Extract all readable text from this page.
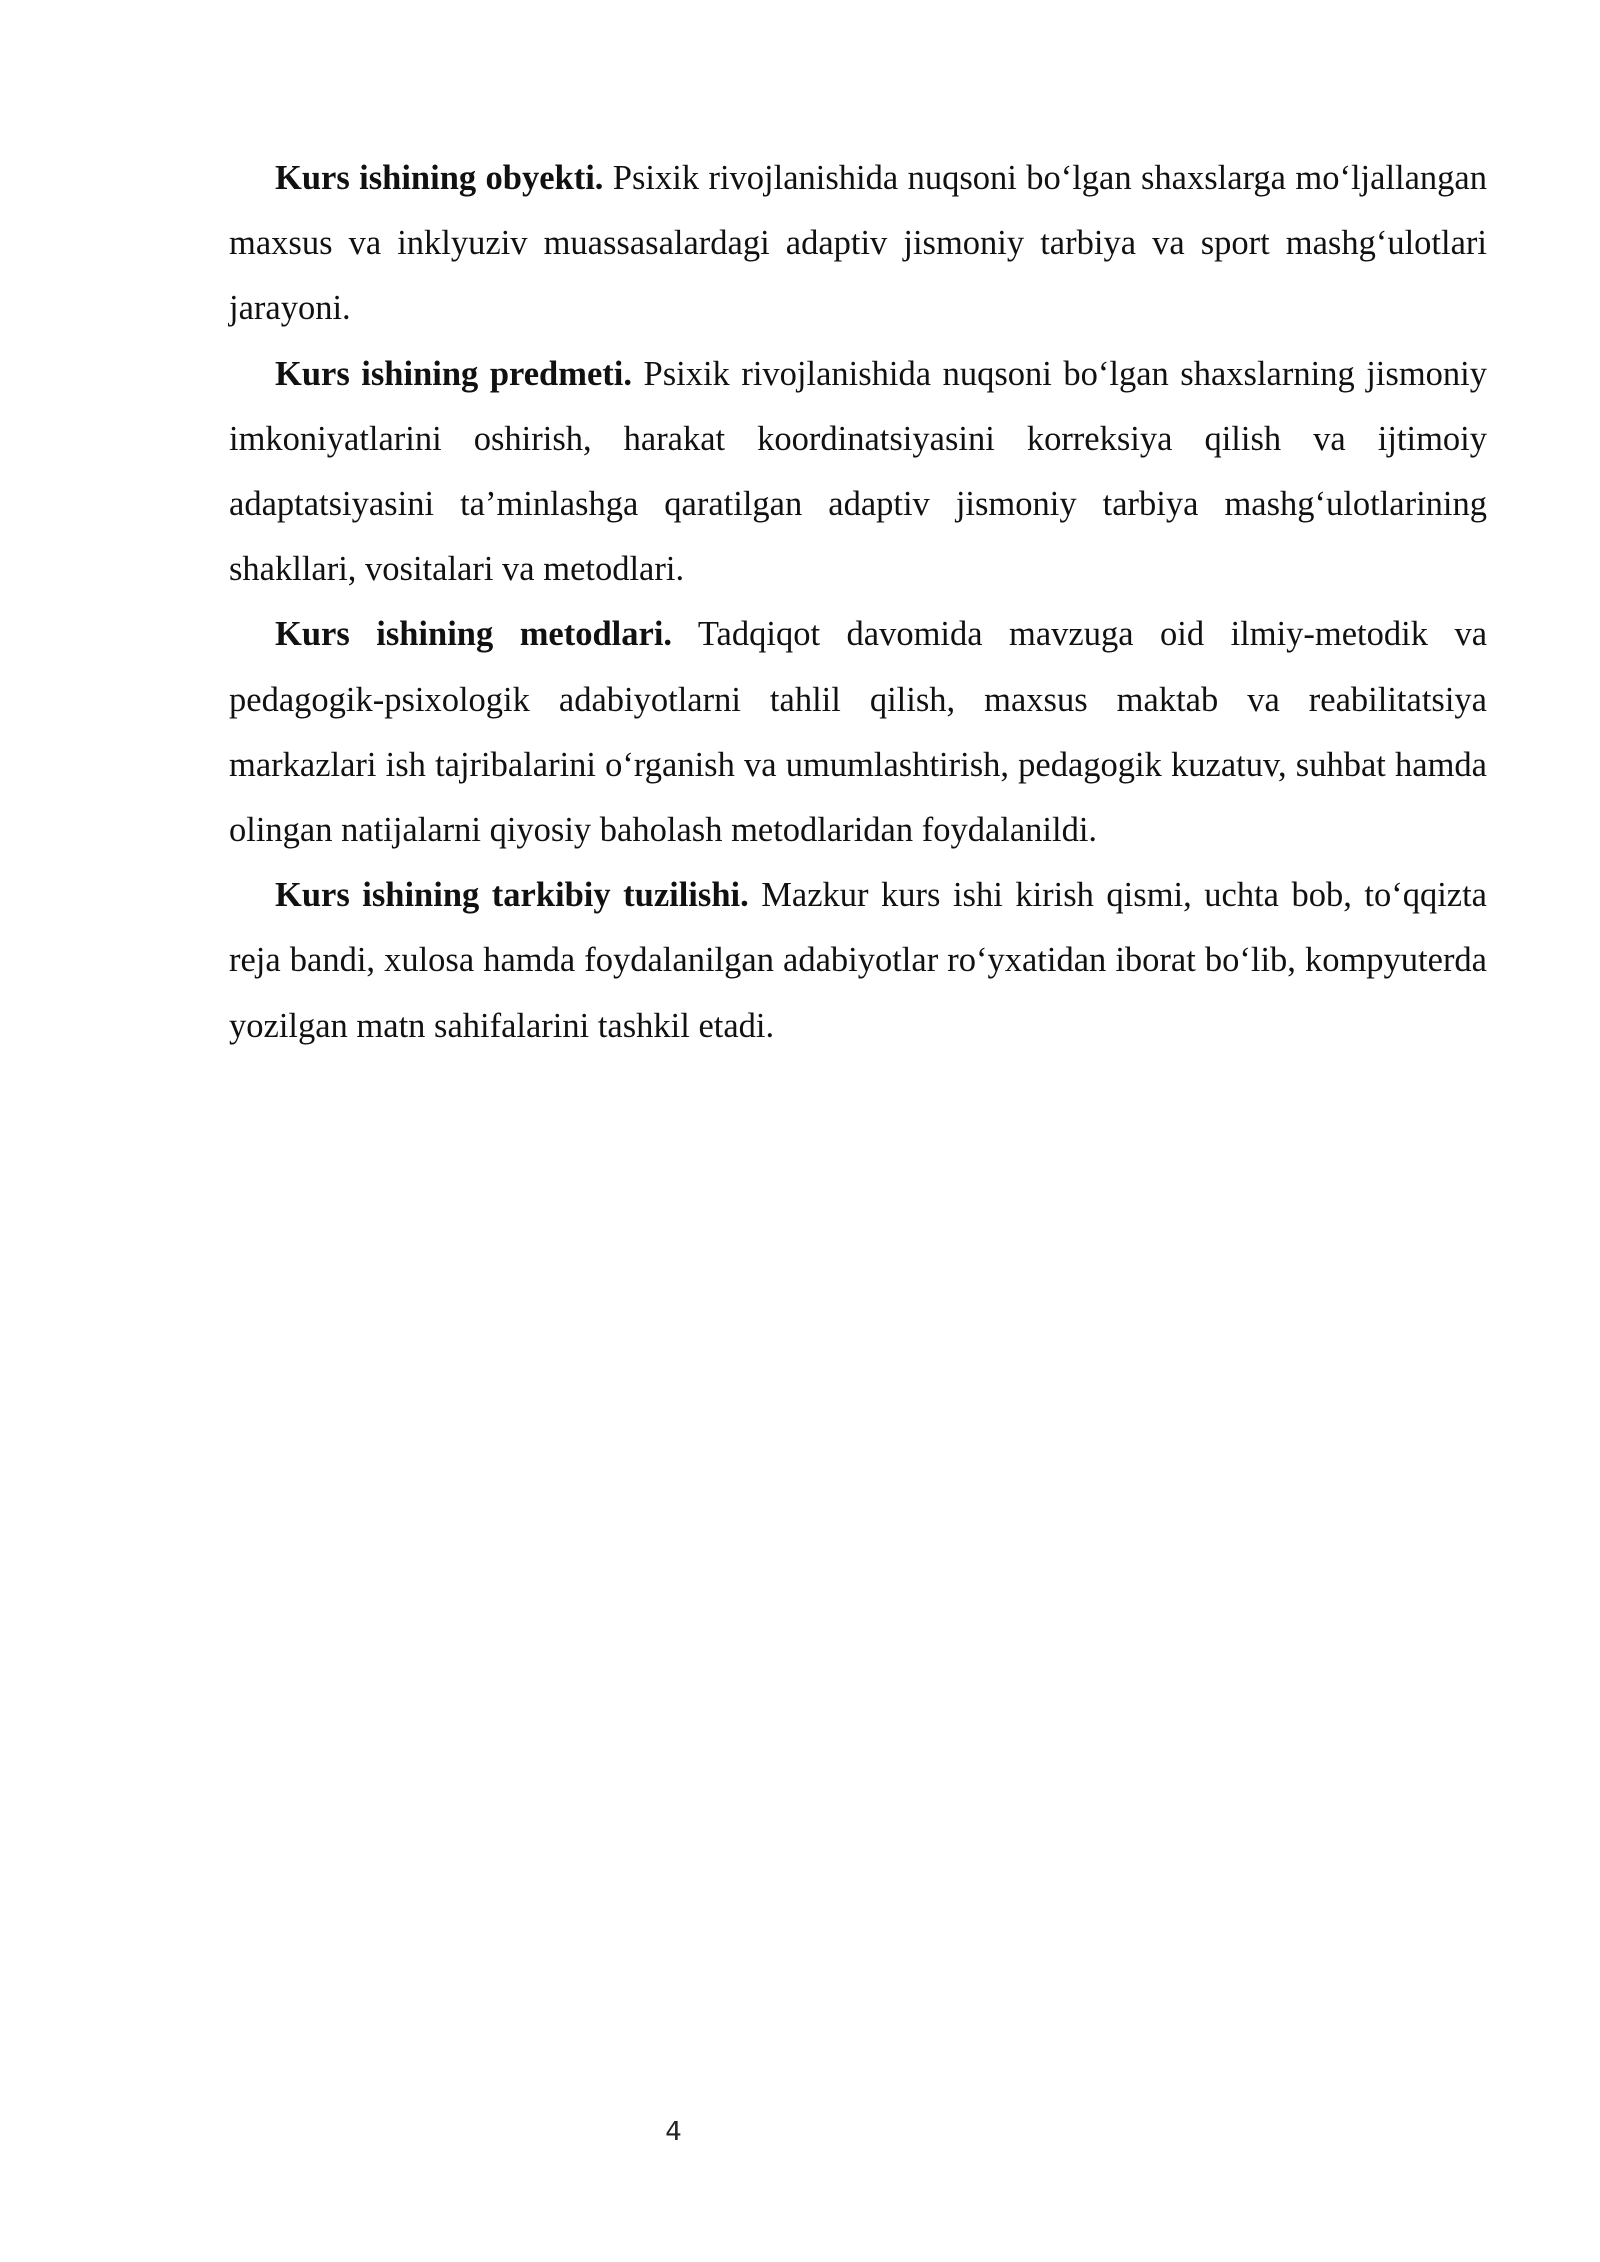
Kurs ishining obyekti. Psixik rivojlanishida nuqsoni bo‘lgan shaxslarga mo‘ljallangan maxsus va inklyuziv muassasalardagi adaptiv jismoniy tarbiya va sport mashg‘ulotlari jarayoni.

Kurs ishining predmeti. Psixik rivojlanishida nuqsoni bo‘lgan shaxslarning jismoniy imkoniyatlarini oshirish, harakat koordinatsiyasini korreksiya qilish va ijtimoiy adaptatsiyasini ta’minlashga qaratilgan adaptiv jismoniy tarbiya mashg‘ulotlarining shakllari, vositalari va metodlari.

Kurs ishining metodlari. Tadqiqot davomida mavzuga oid ilmiy-metodik va pedagogik-psixologik adabiyotlarni tahlil qilish, maxsus maktab va reabilitatsiya markazlari ish tajribalarini o‘rganish va umumlashtirish, pedagogik kuzatuv, suhbat hamda olingan natijalarni qiyosiy baholash metodlaridan foydalanildi.

Kurs ishining tarkibiy tuzilishi. Mazkur kurs ishi kirish qismi, uchta bob, to‘qqizta reja bandi, xulosa hamda foydalanilgan adabiyotlar ro‘yxatidan iborat bo‘lib, kompyuterda yozilgan matn sahifalarini tashkil etadi.

4
